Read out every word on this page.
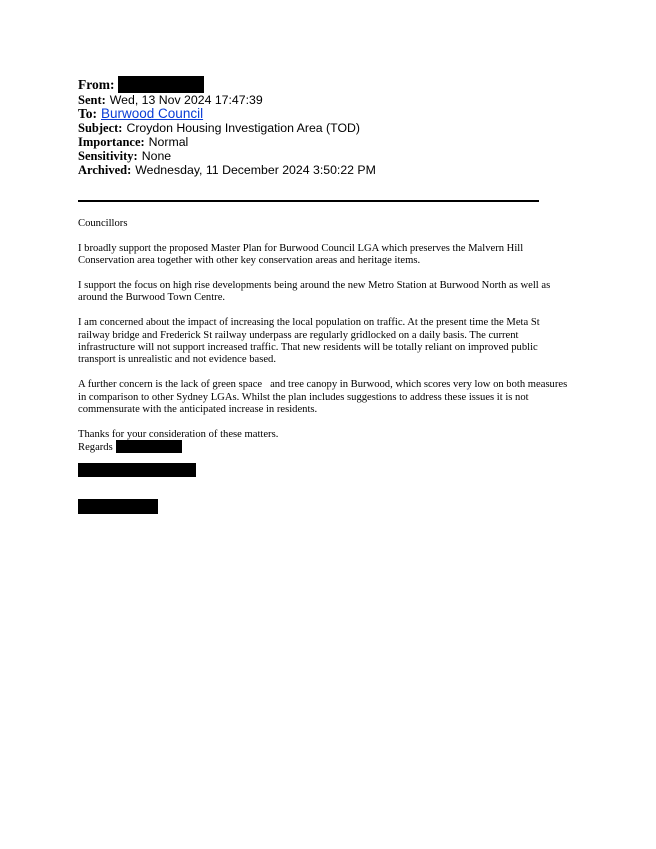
From:
Sent: Wed, 13 Nov 2024 17:47:39
To: Burwood Council
Subject: Croydon Housing Investigation Area (TOD)
Importance: Normal
Sensitivity: None
Archived: Wednesday, 11 December 2024 3:50:22 PM

Councillors

I broadly support the proposed Master Plan for Burwood Council LGA which preserves the Malvern Hill
Conservation area together with other key conservation areas and heritage items.

I support the focus on high rise developments being around the new Metro Station at Burwood North as well as
around the Burwood Town Centre.

I am concerned about the impact of increasing the local population on traffic. At the present time the Meta St
railway bridge and Frederick St railway underpass are regularly gridlocked on a daily basis. The current
infrastructure will not support increased traffic. That new residents will be totally reliant on improved public
transport is unrealistic and not evidence based.

A further concern is the lack of green space   and tree canopy in Burwood, which scores very low on both measures
in comparison to other Sydney LGAs. Whilst the plan includes suggestions to address these issues it is not
commensurate with the anticipated increase in residents.

Thanks for your consideration of these matters.
Regards
